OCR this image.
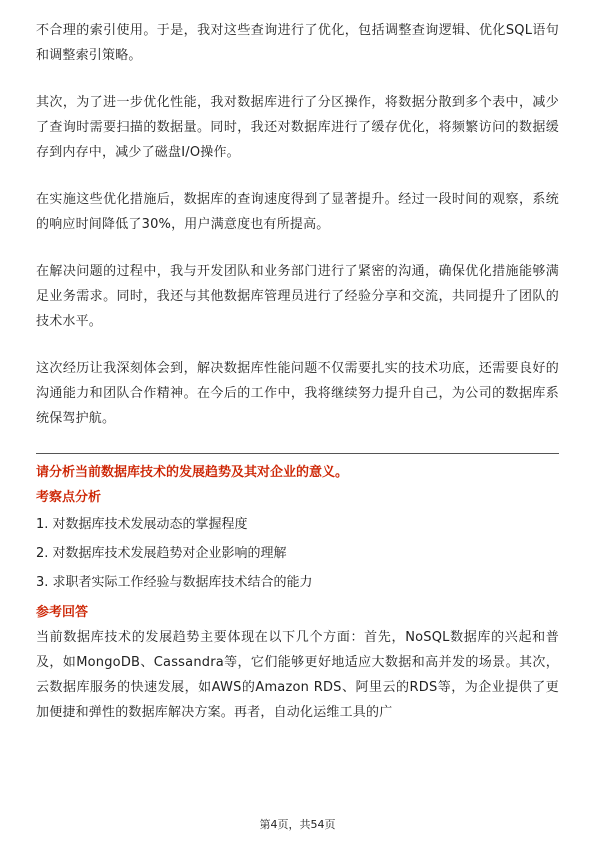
不合理的索引使用。于是，我对这些查询进行了优化，包括调整查询逻辑、优化SQL语句和调整索引策略。

其次，为了进一步优化性能，我对数据库进行了分区操作，将数据分散到多个表中，减少了查询时需要扫描的数据量。同时，我还对数据库进行了缓存优化，将频繁访问的数据缓存到内存中，减少了磁盘I/O操作。

在实施这些优化措施后，数据库的查询速度得到了显著提升。经过一段时间的观察，系统的响应时间降低了30%，用户满意度也有所提高。

在解决问题的过程中，我与开发团队和业务部门进行了紧密的沟通，确保优化措施能够满足业务需求。同时，我还与其他数据库管理员进行了经验分享和交流，共同提升了团队的技术水平。

这次经历让我深刻体会到，解决数据库性能问题不仅需要扎实的技术功底，还需要良好的沟通能力和团队合作精神。在今后的工作中，我将继续努力提升自己，为公司的数据库系统保驾护航。

请分析当前数据库技术的发展趋势及其对企业的意义。

考察点分析

1. 对数据库技术发展动态的掌握程度
2. 对数据库技术发展趋势对企业影响的理解
3. 求职者实际工作经验与数据库技术结合的能力

参考回答

当前数据库技术的发展趋势主要体现在以下几个方面：首先，NoSQL数据库的兴起和普及，如MongoDB、Cassandra等，它们能够更好地适应大数据和高并发的场景。其次，云数据库服务的快速发展，如AWS的Amazon RDS、阿里云的RDS等，为企业提供了更加便捷和弹性的数据库解决方案。再者，自动化运维工具的广

第4页，共54页
